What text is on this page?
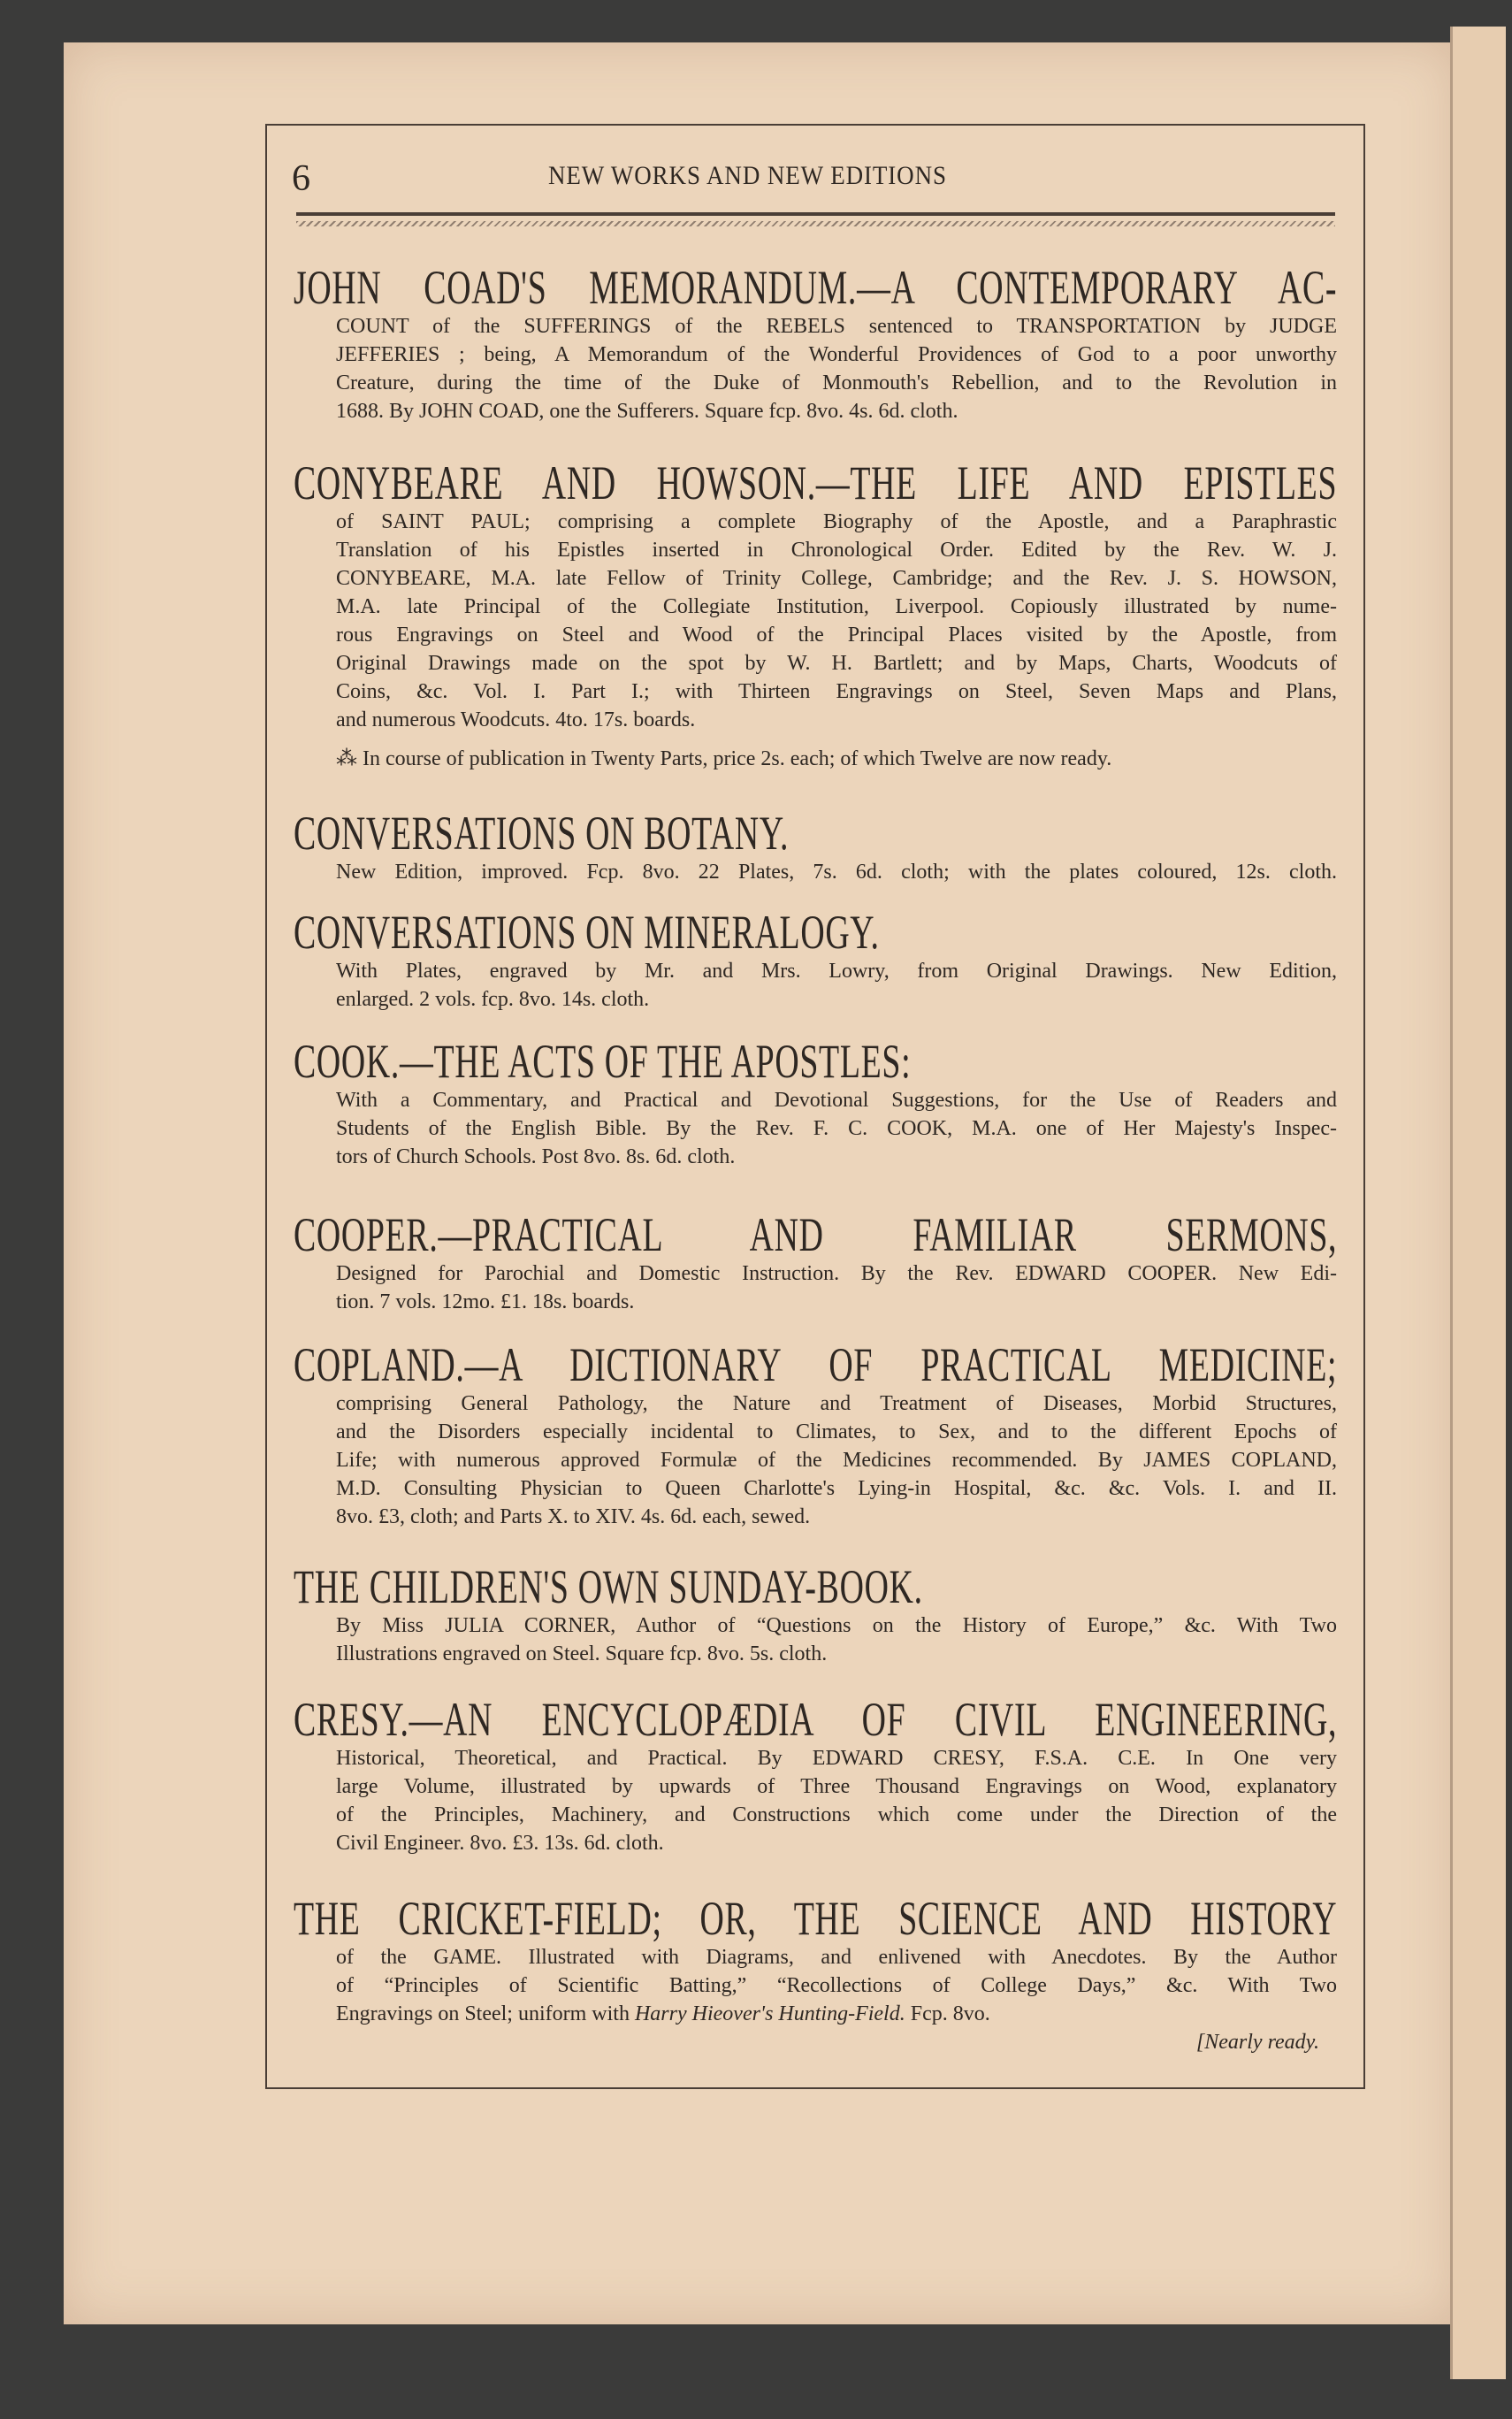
6	NEW WORKS AND NEW EDITIONS
JOHN COAD'S MEMORANDUM.—A CONTEMPORARY AC-
COUNT of the SUFFERINGS of the REBELS sentenced to TRANSPORTATION by JUDGE
JEFFERIES ; being, A Memorandum of the Wonderful Providences of God to a poor unworthy
Creature, during the time of the Duke of Monmouth's Rebellion, and to the Revolution in
1688. By JOHN COAD, one the Sufferers. Square fcp. 8vo. 4s. 6d. cloth.
CONYBEARE AND HOWSON.—THE LIFE AND EPISTLES
of SAINT PAUL; comprising a complete Biography of the Apostle, and a Paraphrastic
Translation of his Epistles inserted in Chronological Order. Edited by the Rev. W. J.
CONYBEARE, M.A. late Fellow of Trinity College, Cambridge; and the Rev. J. S. HOWSON,
M.A. late Principal of the Collegiate Institution, Liverpool. Copiously illustrated by nume-
rous Engravings on Steel and Wood of the Principal Places visited by the Apostle, from
Original Drawings made on the spot by W. H. Bartlett; and by Maps, Charts, Woodcuts of
Coins, &c. Vol. I. Part I.; with Thirteen Engravings on Steel, Seven Maps and Plans,
and numerous Woodcuts. 4to. 17s. boards.
CONVERSATIONS ON BOTANY.
New Edition, improved. Fcp. 8vo. 22 Plates, 7s. 6d. cloth; with the plates coloured, 12s. cloth.
CONVERSATIONS ON MINERALOGY.
With Plates, engraved by Mr. and Mrs. Lowry, from Original Drawings. New Edition,
enlarged. 2 vols. fcp. 8vo. 14s. cloth.
COOK.—THE ACTS OF THE APOSTLES:
With a Commentary, and Practical and Devotional Suggestions, for the Use of Readers and
Students of the English Bible. By the Rev. F. C. COOK, M.A. one of Her Majesty's Inspec-
tors of Church Schools. Post 8vo. 8s. 6d. cloth.
COOPER.—PRACTICAL AND FAMILIAR SERMONS,
Designed for Parochial and Domestic Instruction. By the Rev. EDWARD COOPER. New Edi-
tion. 7 vols. 12mo. £1. 18s. boards.
COPLAND.—A DICTIONARY OF PRACTICAL MEDICINE;
comprising General Pathology, the Nature and Treatment of Diseases, Morbid Structures,
and the Disorders especially incidental to Climates, to Sex, and to the different Epochs of
Life; with numerous approved Formulæ of the Medicines recommended. By JAMES COPLAND,
M.D. Consulting Physician to Queen Charlotte's Lying-in Hospital, &c. &c. Vols. I. and II.
8vo. £3, cloth; and Parts X. to XIV. 4s. 6d. each, sewed.
THE CHILDREN'S OWN SUNDAY-BOOK.
By Miss JULIA CORNER, Author of “Questions on the History of Europe,” &c. With Two
Illustrations engraved on Steel. Square fcp. 8vo. 5s. cloth.
CRESY.—AN ENCYCLOPÆDIA OF CIVIL ENGINEERING,
Historical, Theoretical, and Practical. By EDWARD CRESY, F.S.A. C.E. In One very
large Volume, illustrated by upwards of Three Thousand Engravings on Wood, explanatory
of the Principles, Machinery, and Constructions which come under the Direction of the
Civil Engineer. 8vo. £3. 13s. 6d. cloth.
THE CRICKET-FIELD; OR, THE SCIENCE AND HISTORY
of the GAME. Illustrated with Diagrams, and enlivened with Anecdotes. By the Author
of “Principles of Scientific Batting,” “Recollections of College Days,” &c. With Two
Engravings on Steel; uniform with Harry Hieover's Hunting-Field. Fcp. 8vo.
[Nearly ready.
⁂ In course of publication in Twenty Parts, price 2s. each; of which Twelve are now ready.
